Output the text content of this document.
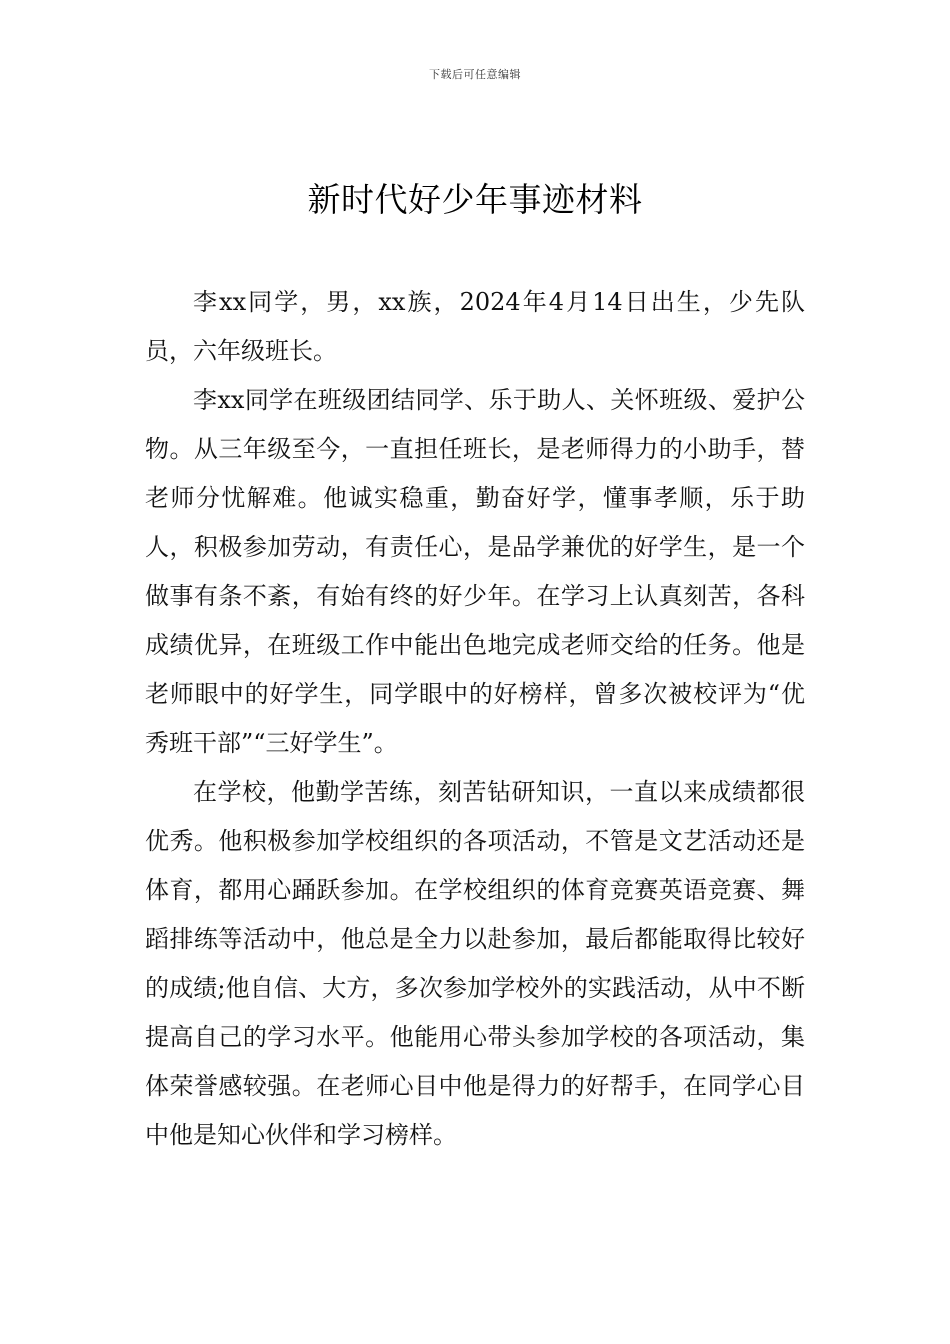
下载后可任意编辑
新时代好少年事迹材料

李xx同学，男，xx族，2024年4月14日出生，少先队员，六年级班长。

李xx同学在班级团结同学、乐于助人、关怀班级、爱护公物。从三年级至今，一直担任班长，是老师得力的小助手，替老师分忧解难。他诚实稳重，勤奋好学，懂事孝顺，乐于助人，积极参加劳动，有责任心，是品学兼优的好学生，是一个做事有条不紊，有始有终的好少年。在学习上认真刻苦，各科成绩优异，在班级工作中能出色地完成老师交给的任务。他是老师眼中的好学生，同学眼中的好榜样，曾多次被校评为“优秀班干部”“三好学生”。

在学校，他勤学苦练，刻苦钻研知识，一直以来成绩都很优秀。他积极参加学校组织的各项活动，不管是文艺活动还是体育，都用心踊跃参加。在学校组织的体育竞赛英语竞赛、舞蹈排练等活动中，他总是全力以赴参加，最后都能取得比较好的成绩;他自信、大方，多次参加学校外的实践活动，从中不断提高自己的学习水平。他能用心带头参加学校的各项活动，集体荣誉感较强。在老师心目中他是得力的好帮手，在同学心目中他是知心伙伴和学习榜样。
